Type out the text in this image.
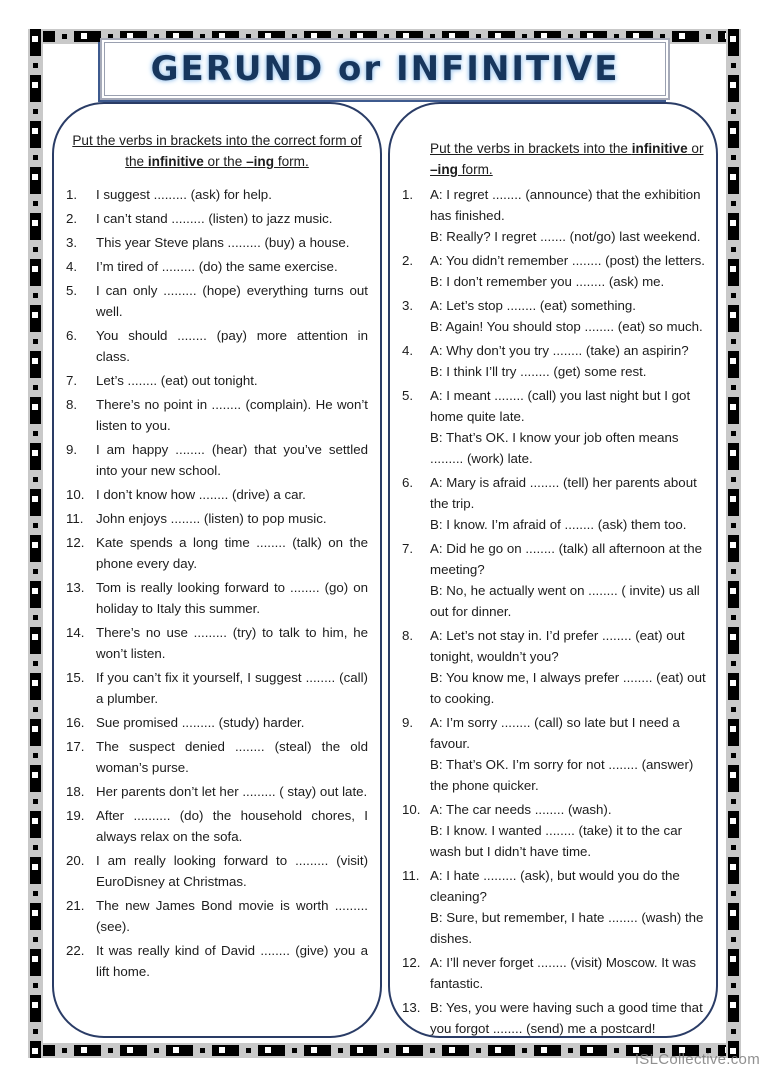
GERUND or INFINITIVE

Put the verbs in brackets into the correct form of the infinitive or the –ing form.

1.	I suggest ......... (ask) for help.
2.	I can’t stand ......... (listen) to jazz music.
3.	This year Steve plans ......... (buy) a house.
4.	I’m tired of ......... (do) the same exercise.
5.	I can only ......... (hope) everything turns out well.
6.	You should ........ (pay) more attention in class.
7.	Let’s ........ (eat) out tonight.
8.	There’s no point in ........ (complain). He won’t listen to you.
9.	I am happy ........ (hear) that you’ve settled into your new school.
10. I don’t know how ........ (drive) a car.
11. John enjoys ........ (listen) to pop music.
12. Kate spends a long time ........ (talk) on the phone every day.
13. Tom is really looking forward to ........ (go) on holiday to Italy this summer.
14. There’s no use ......... (try) to talk to him, he won’t listen.
15. If you can’t fix it yourself, I suggest ........ (call) a plumber.
16. Sue promised ......... (study) harder.
17. The suspect denied ........ (steal) the old woman’s purse.
18. Her parents don’t let her ......... ( stay) out late.
19. After .......... (do) the household chores, I always relax on the sofa.
20. I am really looking forward to ......... (visit) EuroDisney at Christmas.
21. The new James Bond movie is worth ......... (see).
22. It was really kind of David ........ (give) you a lift home.

Put the verbs in brackets into the infinitive or –ing form.

1.	A: I regret ........ (announce) that the exhibition has finished.
B: Really? I regret ....... (not/go) last weekend.
2.	A: You didn’t remember ........ (post) the letters.
B: I don’t remember you ........ (ask) me.
3.	A: Let’s stop ........ (eat) something.
B: Again! You should stop ........ (eat) so much.
4.	A: Why don’t you try ........ (take) an aspirin?
B: I think I’ll try ........ (get) some rest.
5.	A: I meant ........ (call) you last night but I got home quite late.
B: That’s OK. I know your job often means ......... (work) late.
6.	A: Mary is afraid ........ (tell) her parents about the trip.
B: I know. I’m afraid of ........ (ask) them too.
7.	A: Did he go on ........ (talk) all afternoon at the meeting?
B: No, he actually went on ........ ( invite) us all out for dinner.
8.	A: Let’s not stay in. I’d prefer ........ (eat) out tonight, wouldn’t you?
B: You know me, I always prefer ........ (eat) out to cooking.
9.	A: I’m sorry ........ (call) so late but I need a favour.
B: That’s OK. I’m sorry for not ........ (answer) the phone quicker.
10. A: The car needs ........ (wash).
B: I know. I wanted ........ (take) it to the car wash but I didn’t have time.
11. A: I hate ......... (ask), but would you do the cleaning?
B: Sure, but remember, I hate ........ (wash) the dishes.
12. A: I’ll never forget ........ (visit) Moscow. It was fantastic.
13. B: Yes, you were having such a good time that you forgot ........ (send) me a postcard!
ISLCollective.com
